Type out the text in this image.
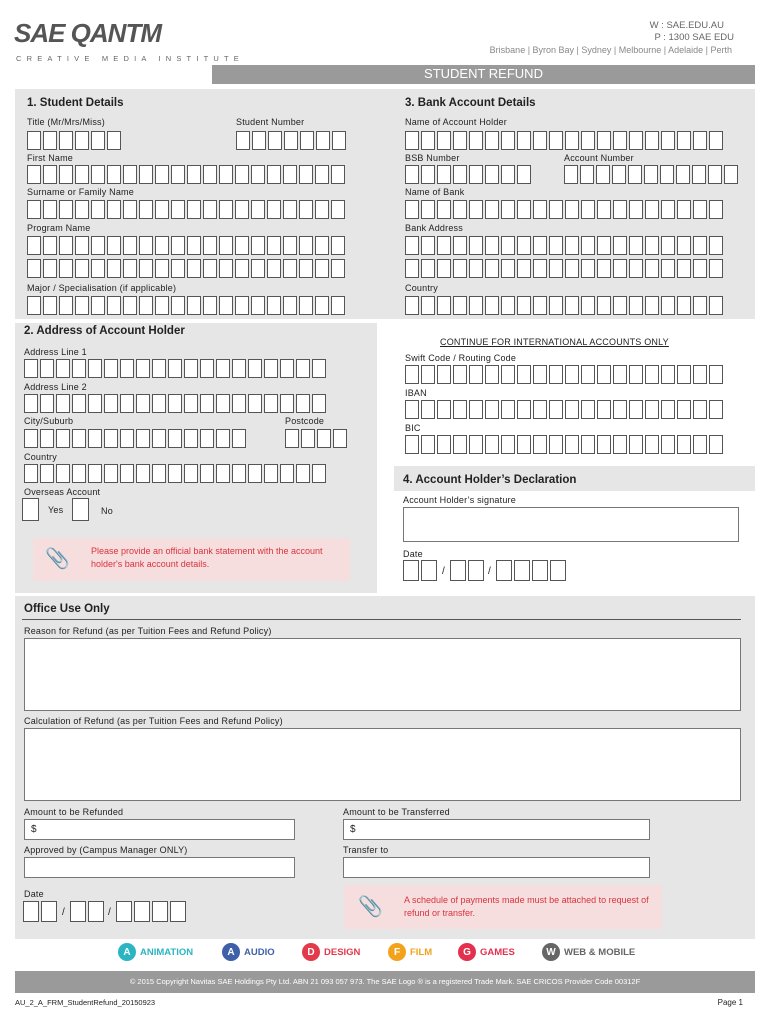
SAE QANTM
CREATIVE MEDIA INSTITUTE
W : SAE.EDU.AU
P : 1300 SAE EDU
Brisbane | Byron Bay | Sydney | Melbourne | Adelaide | Perth
STUDENT REFUND
1. Student Details	3. Bank Account Details
Title (Mr/Mrs/Miss)	Student Number
First Name
Surname or Family Name
Program Name
Major / Specialisation (if applicable)
Name of Account Holder
BSB Number	Account Number
Name of Bank
Bank Address
Country
2. Address of Account Holder
Address Line 1
Address Line 2
City/Suburb	Postcode
Country
Overseas Account
Yes	No
📎 Please provide an official bank statement with the account holder's bank account details.
CONTINUE FOR INTERNATIONAL ACCOUNTS ONLY
Swift Code / Routing Code
IBAN
BIC
4. Account Holder’s Declaration
Account Holder’s signature
Date
/	/
Office Use Only
Reason for Refund (as per Tuition Fees and Refund Policy)
Calculation of Refund (as per Tuition Fees and Refund Policy)
Amount to be Refunded
$
Amount to be Transferred
$
Approved by (Campus Manager ONLY)	Transfer to
Date
/	/	📎 A schedule of payments made must be attached to request of refund or transfer.
A ANIMATION	A AUDIO	D DESIGN	F	FILM	G GAMES	W WEB & MOBILE
© 2015 Copyright Navitas SAE Holdings Pty Ltd. ABN 21 093 057 973. The SAE Logo ® is a registered Trade Mark. SAE CRICOS Provider Code 00312F
AU_2_A_FRM_StudentRefund_20150923	Page 1
